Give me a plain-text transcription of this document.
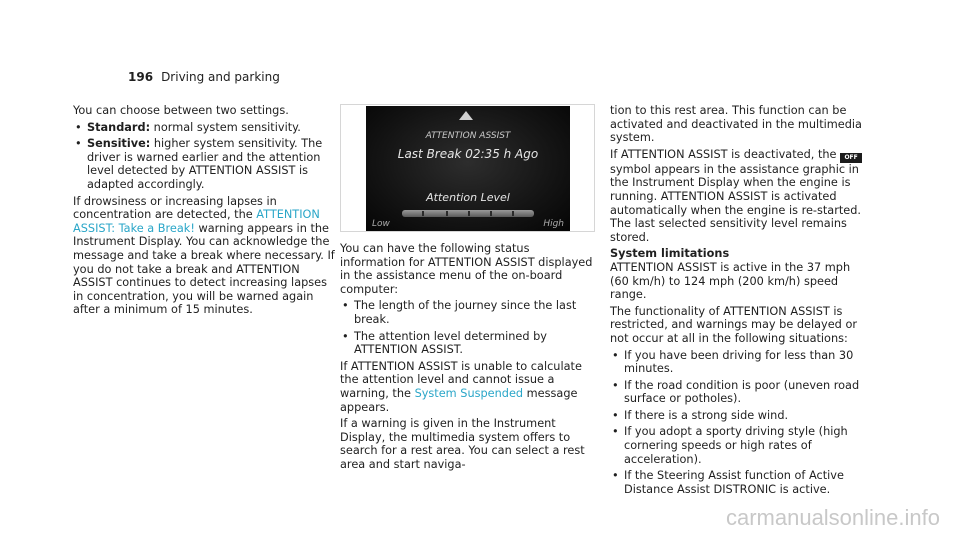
196 Driving and parking

You can choose between two settings.

• Standard: normal system sensitivity.
• Sensitive: higher system sensitivity. The driver is warned earlier and the attention level detected by ATTENTION ASSIST is adapted accordingly.

If drowsiness or increasing lapses in concentration are detected, the ATTENTION ASSIST: Take a Break! warning appears in the Instrument Display. You can acknowledge the message and take a break where necessary. If you do not take a break and ATTENTION ASSIST continues to detect increasing lapses in concentration, you will be warned again after a minimum of 15 minutes.

ATTENTION ASSIST
Last Break 02:35 h Ago
Attention Level
Low	High

You can have the following status information for ATTENTION ASSIST displayed in the assistance menu of the on-board computer:

• The length of the journey since the last break.
• The attention level determined by ATTENTION ASSIST.

If ATTENTION ASSIST is unable to calculate the attention level and cannot issue a warning, the System Suspended message appears.

If a warning is given in the Instrument Display, the multimedia system offers to search for a rest area. You can select a rest area and start naviga-

tion to this rest area. This function can be activated and deactivated in the multimedia system.

If ATTENTION ASSIST is deactivated, the OFF symbol appears in the assistance graphic in the Instrument Display when the engine is running. ATTENTION ASSIST is activated automatically when the engine is re-started. The last selected sensitivity level remains stored.

System limitations

ATTENTION ASSIST is active in the 37 mph (60 km/h) to 124 mph (200 km/h) speed range.

The functionality of ATTENTION ASSIST is restricted, and warnings may be delayed or not occur at all in the following situations:

• If you have been driving for less than 30 minutes.
• If the road condition is poor (uneven road surface or potholes).
• If there is a strong side wind.
• If you adopt a sporty driving style (high cornering speeds or high rates of acceleration).
• If the Steering Assist function of Active Distance Assist DISTRONIC is active.
carmanualsonline.info
